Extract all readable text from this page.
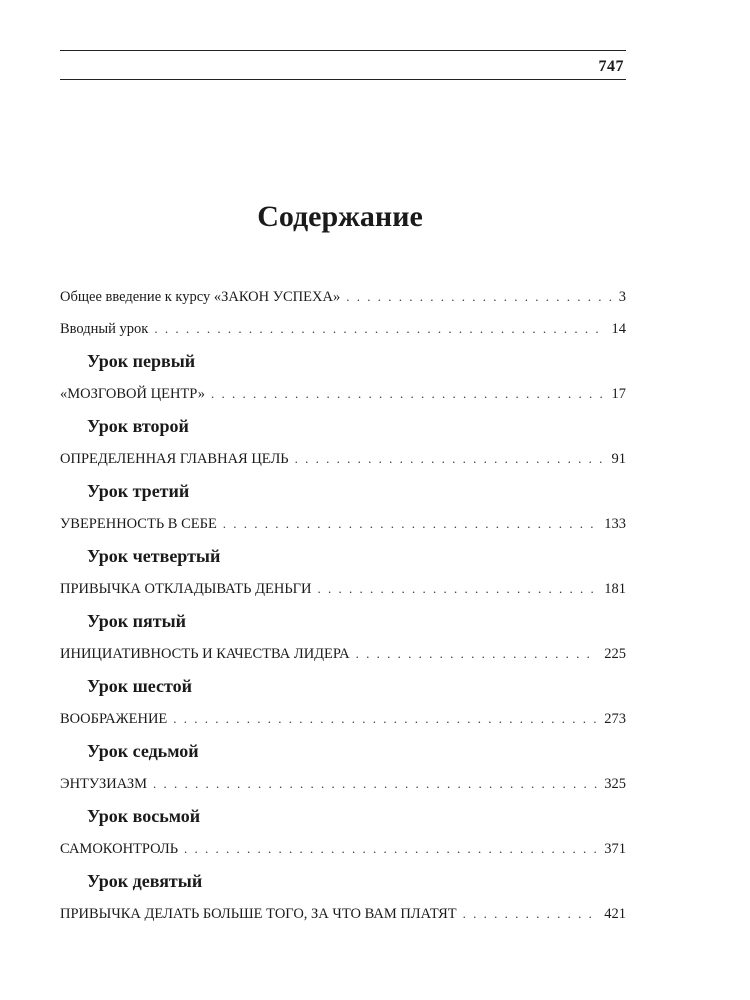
747
Содержание
Общее введение к курсу «ЗАКОН УСПЕХА» . . .	3
Вводный урок . . .	14
Урок первый
«МОЗГОВОЙ ЦЕНТР» . . .	17
Урок второй
ОПРЕДЕЛЕННАЯ ГЛАВНАЯ ЦЕЛЬ . . .	91
Урок третий
УВЕРЕННОСТЬ В СЕБЕ . . .	133
Урок четвертый
ПРИВЫЧКА ОТКЛАДЫВАТЬ ДЕНЬГИ . . .	181
Урок пятый
ИНИЦИАТИВНОСТЬ И КАЧЕСТВА ЛИДЕРА . . .	225
Урок шестой
ВООБРАЖЕНИЕ . . .	273
Урок седьмой
ЭНТУЗИАЗМ . . .	325
Урок восьмой
САМОКОНТРОЛЬ . . .	371
Урок девятый
ПРИВЫЧКА ДЕЛАТЬ БОЛЬШЕ ТОГО, ЗА ЧТО ВАМ ПЛАТЯТ . . .	421
